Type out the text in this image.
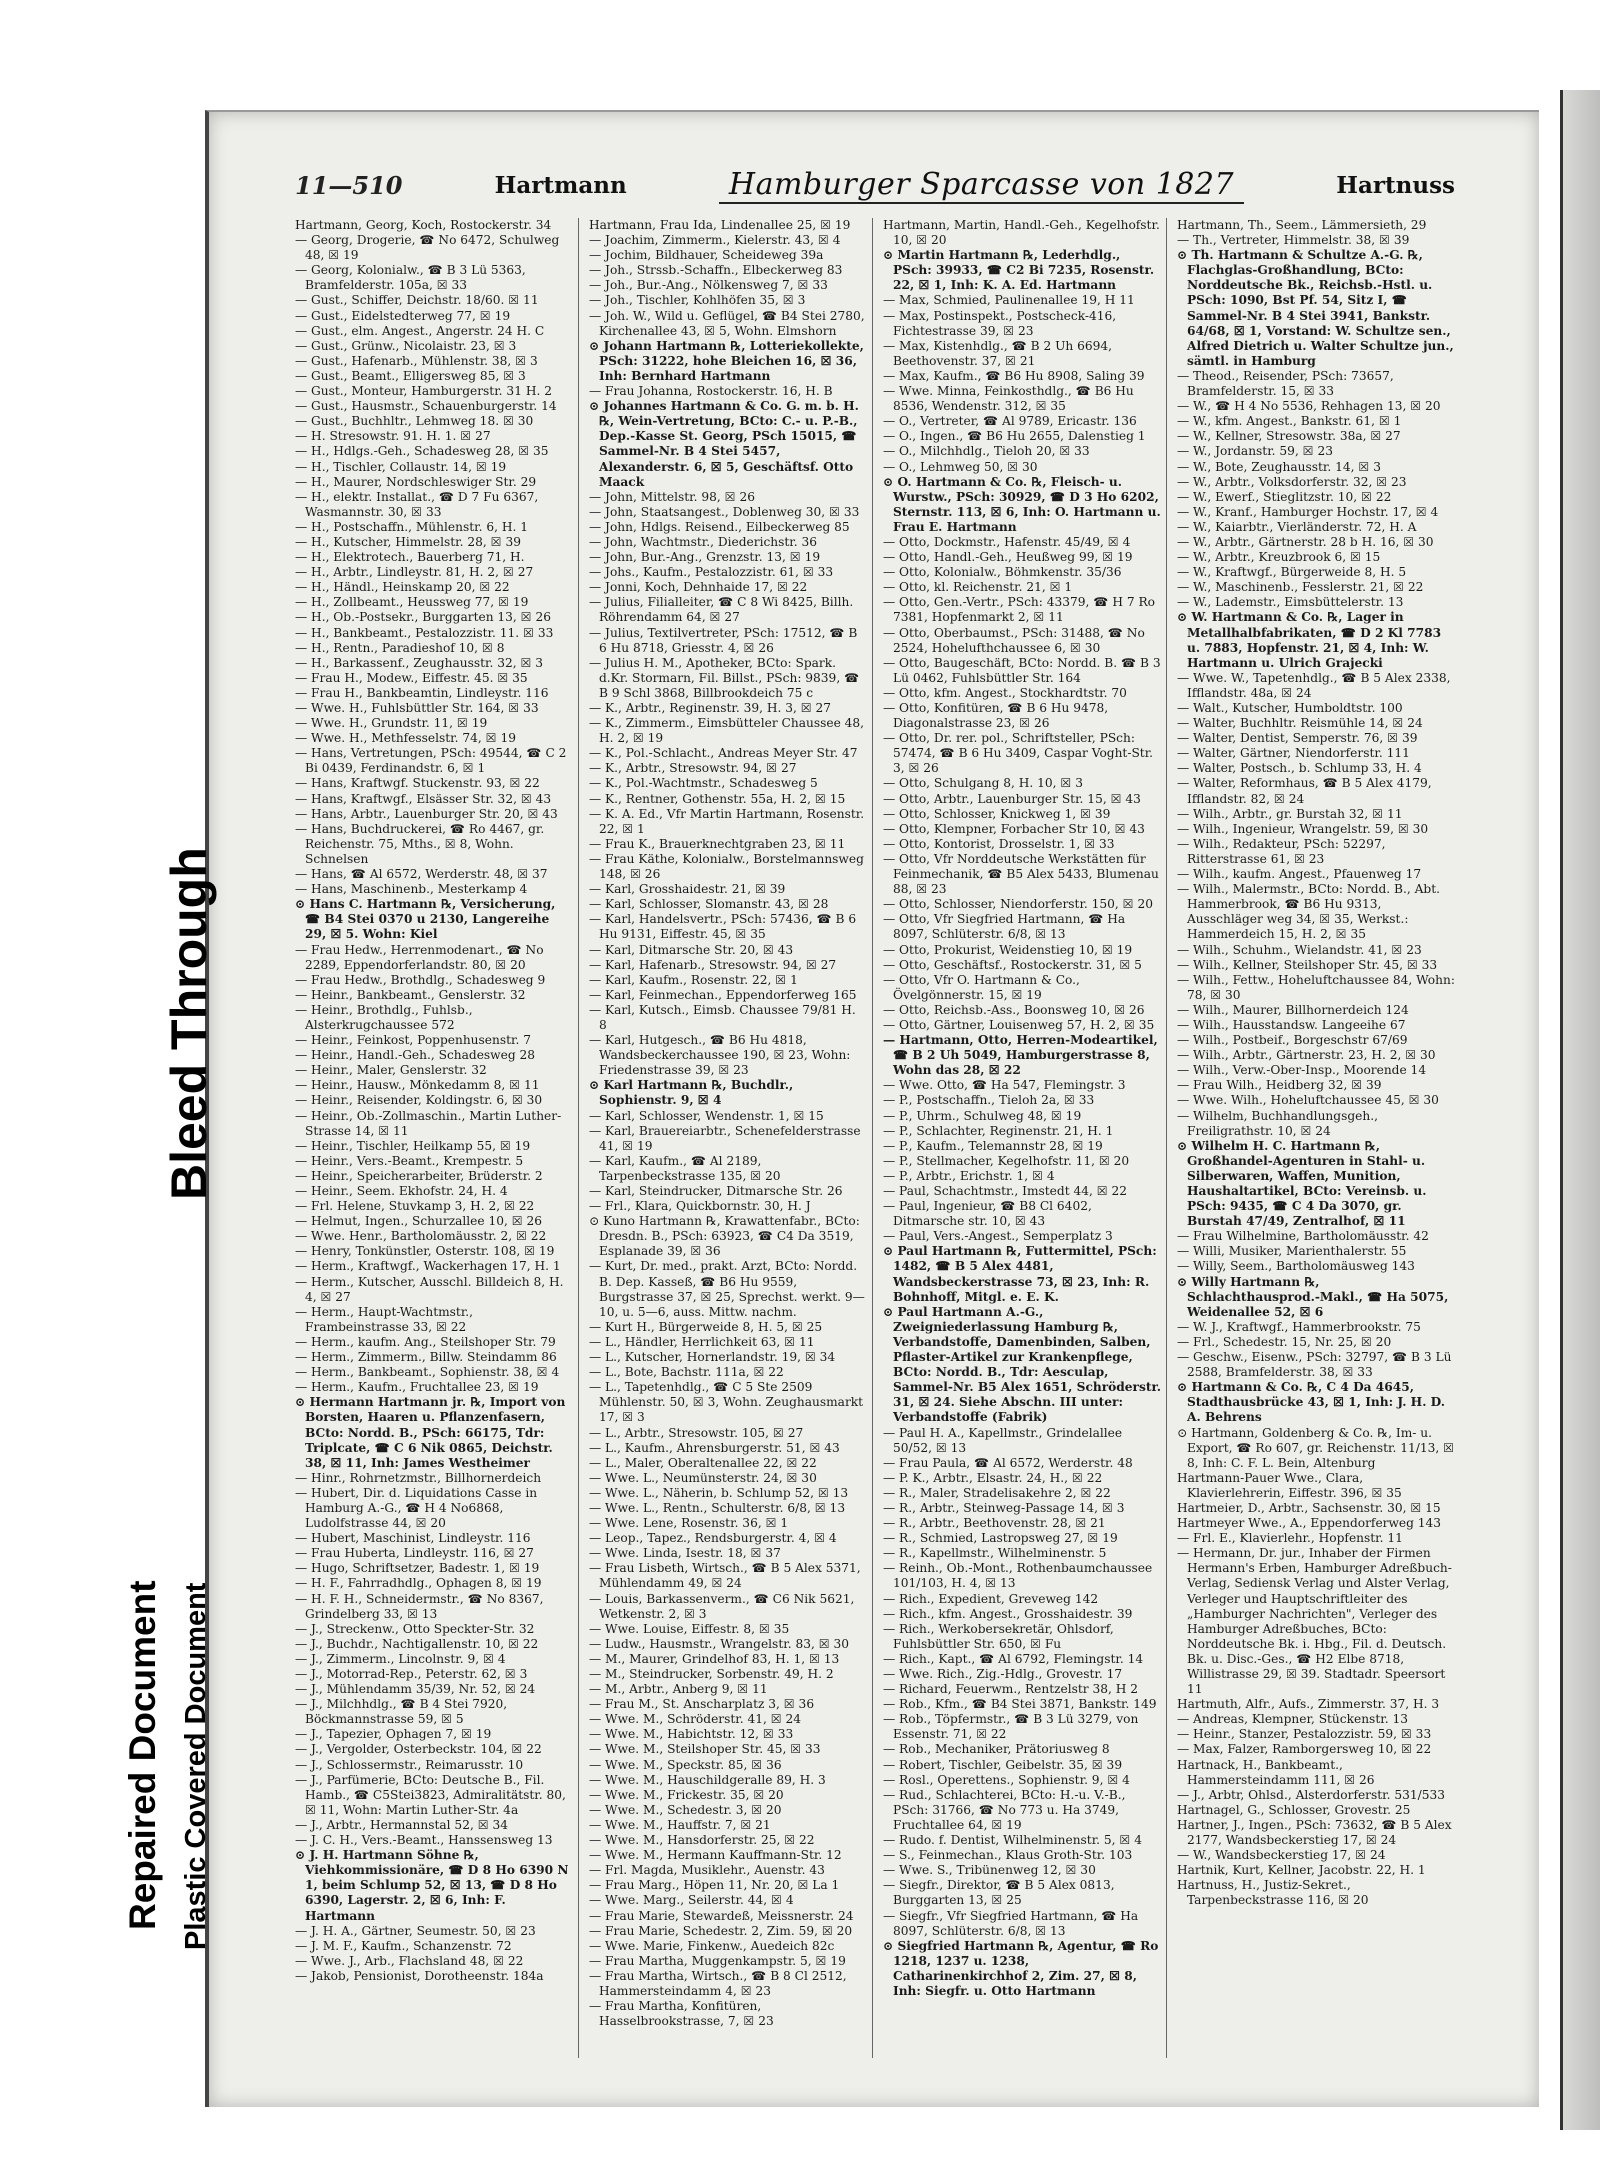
11—510	Hartmann	Hamburger Sparcasse von 1827	Hartnuss

Hartmann, Georg, Koch, Rostockerstr. 34

— Georg, Drogerie, ☎ No 6472, Schulweg 48, ☒ 19

— Georg, Kolonialw., ☎ B 3 Lü 5363, Bramfelderstr. 105a, ☒ 33

— Gust., Schiffer, Deichstr. 18/60. ☒ 11

— Gust., Eidelstedterweg 77, ☒ 19

— Gust., elm. Angest., Angerstr. 24 H. C

— Gust., Grünw., Nicolaistr. 23, ☒ 3

— Gust., Hafenarb., Mühlenstr. 38, ☒ 3

— Gust., Beamt., Elligersweg 85, ☒ 3

— Gust., Monteur, Hamburgerstr. 31 H. 2

— Gust., Hausmstr., Schauenburgerstr. 14

— Gust., Buchhltr., Lehmweg 18. ☒ 30

— H. Stresowstr. 91. H. 1. ☒ 27

— H., Hdlgs.-Geh., Schadesweg 28, ☒ 35

— H., Tischler, Collaustr. 14, ☒ 19

— H., Maurer, Nordschleswiger Str. 29

— H., elektr. Installat., ☎ D 7 Fu 6367, Wasmannstr. 30, ☒ 33

— H., Postschaffn., Mühlenstr. 6, H. 1

— H., Kutscher, Himmelstr. 28, ☒ 39

— H., Elektrotech., Bauerberg 71, H.

— H., Arbtr., Lindleystr. 81, H. 2, ☒ 27

— H., Händl., Heinskamp 20, ☒ 22

— H., Zollbeamt., Heussweg 77, ☒ 19

— H., Ob.-Postsekr., Burggarten 13, ☒ 26

— H., Bankbeamt., Pestalozzistr. 11. ☒ 33

— H., Rentn., Paradieshof 10, ☒ 8

— H., Barkassenf., Zeughausstr. 32, ☒ 3

— Frau H., Modew., Eiffestr. 45. ☒ 35

— Frau H., Bankbeamtin, Lindleystr. 116

— Wwe. H., Fuhlsbüttler Str. 164, ☒ 33

— Wwe. H., Grundstr. 11, ☒ 19

— Wwe. H., Methfesselstr. 74, ☒ 19

— Hans, Vertretungen, PSch: 49544, ☎ C 2 Bi 0439, Ferdinandstr. 6, ☒ 1

— Hans, Kraftwgf. Stuckenstr. 93, ☒ 22

— Hans, Kraftwgf., Elsässer Str. 32, ☒ 43

— Hans, Arbtr., Lauenburger Str. 20, ☒ 43

— Hans, Buchdruckerei, ☎ Ro 4467, gr. Reichenstr. 75, Mths., ☒ 8, Wohn. Schnelsen

— Hans, ☎ Al 6572, Werderstr. 48, ☒ 37

— Hans, Maschinenb., Mesterkamp 4

⊙ Hans C. Hartmann ℞, Versicherung, ☎ B4 Stei 0370 u 2130, Langereihe 29, ☒ 5. Wohn: Kiel

— Frau Hedw., Herrenmodenart., ☎ No 2289, Eppendorferlandstr. 80, ☒ 20

— Frau Hedw., Brothdlg., Schadesweg 9

— Heinr., Bankbeamt., Genslerstr. 32

— Heinr., Brothdlg., Fuhlsb., Alsterkrugchaussee 572

— Heinr., Feinkost, Poppenhusenstr. 7

— Heinr., Handl.-Geh., Schadesweg 28

— Heinr., Maler, Genslerstr. 32

— Heinr., Hausw., Mönkedamm 8, ☒ 11

— Heinr., Reisender, Koldingstr. 6, ☒ 30

— Heinr., Ob.-Zollmaschin., Martin Luther-Strasse 14, ☒ 11

— Heinr., Tischler, Heilkamp 55, ☒ 19

— Heinr., Vers.-Beamt., Krempestr. 5

— Heinr., Speicherarbeiter, Brüderstr. 2

— Heinr., Seem. Ekhofstr. 24, H. 4

— Frl. Helene, Stuvkamp 3, H. 2, ☒ 22

— Helmut, Ingen., Schurzallee 10, ☒ 26

— Wwe. Henr., Bartholomäusstr. 2, ☒ 22

— Henry, Tonkünstler, Osterstr. 108, ☒ 19

— Herm., Kraftwgf., Wackerhagen 17, H. 1

— Herm., Kutscher, Ausschl. Billdeich 8, H. 4, ☒ 27

— Herm., Haupt-Wachtmstr., Frambeinstrasse 33, ☒ 22

— Herm., kaufm. Ang., Steilshoper Str. 79

— Herm., Zimmerm., Billw. Steindamm 86

— Herm., Bankbeamt., Sophienstr. 38, ☒ 4

— Herm., Kaufm., Fruchtallee 23, ☒ 19

⊙ Hermann Hartmann jr. ℞, Import von Borsten, Haaren u. Pflanzenfasern, BCto: Nordd. B., PSch: 66175, Tdr: Triplcate, ☎ C 6 Nik 0865, Deichstr. 38, ☒ 11, Inh: James Westheimer

— Hinr., Rohrnetzmstr., Billhornerdeich

— Hubert, Dir. d. Liquidations Casse in Hamburg A.-G., ☎ H 4 No6868, Ludolfstrasse 44, ☒ 20

— Hubert, Maschinist, Lindleystr. 116

— Frau Huberta, Lindleystr. 116, ☒ 27

— Hugo, Schriftsetzer, Badestr. 1, ☒ 19

— H. F., Fahrradhdlg., Ophagen 8, ☒ 19

— H. F. H., Schneidermstr., ☎ No 8367, Grindelberg 33, ☒ 13

— J., Streckenw., Otto Speckter-Str. 32

— J., Buchdr., Nachtigallenstr. 10, ☒ 22

— J., Zimmerm., Lincolnstr. 9, ☒ 4

— J., Motorrad-Rep., Peterstr. 62, ☒ 3

— J., Mühlendamm 35/39, Nr. 52, ☒ 24

— J., Milchhdlg., ☎ B 4 Stei 7920, Böckmannstrasse 59, ☒ 5

— J., Tapezier, Ophagen 7, ☒ 19

— J., Vergolder, Osterbeckstr. 104, ☒ 22

— J., Schlossermstr., Reimarusstr. 10

— J., Parfümerie, BCto: Deutsche B., Fil. Hamb., ☎ C5Stei3823, Admiralitätstr. 80, ☒ 11, Wohn: Martin Luther-Str. 4a

— J., Arbtr., Hermannstal 52, ☒ 34

— J. C. H., Vers.-Beamt., Hanssensweg 13

⊙ J. H. Hartmann Söhne ℞, Viehkommissionäre, ☎ D 8 Ho 6390 N 1, beim Schlump 52, ☒ 13, ☎ D 8 Ho 6390, Lagerstr. 2, ☒ 6, Inh: F. Hartmann

— J. H. A., Gärtner, Seumestr. 50, ☒ 23

— J. M. F., Kaufm., Schanzenstr. 72

— Wwe. J., Arb., Flachsland 48, ☒ 22

— Jakob, Pensionist, Dorotheenstr. 184a

Hartmann, Frau Ida, Lindenallee 25, ☒ 19

— Joachim, Zimmerm., Kielerstr. 43, ☒ 4

— Jochim, Bildhauer, Scheideweg 39a

— Joh., Strssb.-Schaffn., Elbeckerweg 83

— Joh., Bur.-Ang., Nölkensweg 7, ☒ 33

— Joh., Tischler, Kohlhöfen 35, ☒ 3

— Joh. W., Wild u. Geflügel, ☎ B4 Stei 2780, Kirchenallee 43, ☒ 5, Wohn. Elmshorn

⊙ Johann Hartmann ℞, Lotteriekollekte, PSch: 31222, hohe Bleichen 16, ☒ 36, Inh: Bernhard Hartmann

— Frau Johanna, Rostockerstr. 16, H. B

⊙ Johannes Hartmann & Co. G. m. b. H. ℞, Wein-Vertretung, BCto: C.- u. P.-B., Dep.-Kasse St. Georg, PSch 15015, ☎ Sammel-Nr. B 4 Stei 5457, Alexanderstr. 6, ☒ 5, Geschäftsf. Otto Maack

— John, Mittelstr. 98, ☒ 26

— John, Staatsangest., Doblenweg 30, ☒ 33

— John, Hdlgs. Reisend., Eilbeckerweg 85

— John, Wachtmstr., Diederichstr. 36

— John, Bur.-Ang., Grenzstr. 13, ☒ 19

— Johs., Kaufm., Pestalozzistr. 61, ☒ 33

— Jonni, Koch, Dehnhaide 17, ☒ 22

— Julius, Filialleiter, ☎ C 8 Wi 8425, Billh. Röhrendamm 64, ☒ 27

— Julius, Textilvertreter, PSch: 17512, ☎ B 6 Hu 8718, Griesstr. 4, ☒ 26

— Julius H. M., Apotheker, BCto: Spark. d.Kr. Stormarn, Fil. Billst., PSch: 9839, ☎ B 9 Schl 3868, Billbrookdeich 75 c

— K., Arbtr., Reginenstr. 39, H. 3, ☒ 27

— K., Zimmerm., Eimsbütteler Chaussee 48, H. 2, ☒ 19

— K., Pol.-Schlacht., Andreas Meyer Str. 47

— K., Arbtr., Stresowstr. 94, ☒ 27

— K., Pol.-Wachtmstr., Schadesweg 5

— K., Rentner, Gothenstr. 55a, H. 2, ☒ 15

— K. A. Ed., Vfr Martin Hartmann, Rosenstr. 22, ☒ 1

— Frau K., Brauerknechtgraben 23, ☒ 11

— Frau Käthe, Kolonialw., Borstelmannsweg 148, ☒ 26

— Karl, Grosshaidestr. 21, ☒ 39

— Karl, Schlosser, Slomanstr. 43, ☒ 28

— Karl, Handelsvertr., PSch: 57436, ☎ B 6 Hu 9131, Eiffestr. 45, ☒ 35

— Karl, Ditmarsche Str. 20, ☒ 43

— Karl, Hafenarb., Stresowstr. 94, ☒ 27

— Karl, Kaufm., Rosenstr. 22, ☒ 1

— Karl, Feinmechan., Eppendorferweg 165

— Karl, Kutsch., Eimsb. Chaussee 79/81 H. 8

— Karl, Hutgesch., ☎ B6 Hu 4818, Wandsbeckerchaussee 190, ☒ 23, Wohn: Friedenstrasse 39, ☒ 23

⊙ Karl Hartmann ℞, Buchdlr., Sophienstr. 9, ☒ 4

— Karl, Schlosser, Wendenstr. 1, ☒ 15

— Karl, Brauereiarbtr., Schenefelderstrasse 41, ☒ 19

— Karl, Kaufm., ☎ Al 2189, Tarpenbeckstrasse 135, ☒ 20

— Karl, Steindrucker, Ditmarsche Str. 26

— Frl., Klara, Quickbornstr. 30, H. J

⊙ Kuno Hartmann ℞, Krawattenfabr., BCto: Dresdn. B., PSch: 63923, ☎ C4 Da 3519, Esplanade 39, ☒ 36

— Kurt, Dr. med., prakt. Arzt, BCto: Nordd. B. Dep. Kasseß, ☎ B6 Hu 9559, Burgstrasse 37, ☒ 25, Sprechst. werkt. 9—10, u. 5—6, auss. Mittw. nachm.

— Kurt H., Bürgerweide 8, H. 5, ☒ 25

— L., Händler, Herrlichkeit 63, ☒ 11

— L., Kutscher, Hornerlandstr. 19, ☒ 34

— L., Bote, Bachstr. 111a, ☒ 22

— L., Tapetenhdlg., ☎ C 5 Ste 2509 Mühlenstr. 50, ☒ 3, Wohn. Zeughausmarkt 17, ☒ 3

— L., Arbtr., Stresowstr. 105, ☒ 27

— L., Kaufm., Ahrensburgerstr. 51, ☒ 43

— L., Maler, Oberaltenallee 22, ☒ 22

— Wwe. L., Neumünsterstr. 24, ☒ 30

— Wwe. L., Näherin, b. Schlump 52, ☒ 13

— Wwe. L., Rentn., Schulterstr. 6/8, ☒ 13

— Wwe. Lene, Rosenstr. 36, ☒ 1

— Leop., Tapez., Rendsburgerstr. 4, ☒ 4

— Wwe. Linda, Isestr. 18, ☒ 37

— Frau Lisbeth, Wirtsch., ☎ B 5 Alex 5371, Mühlendamm 49, ☒ 24

— Louis, Barkassenverm., ☎ C6 Nik 5621, Wetkenstr. 2, ☒ 3

— Wwe. Louise, Eiffestr. 8, ☒ 35

— Ludw., Hausmstr., Wrangelstr. 83, ☒ 30

— M., Maurer, Grindelhof 83, H. 1, ☒ 13

— M., Steindrucker, Sorbenstr. 49, H. 2

— M., Arbtr., Anberg 9, ☒ 11

— Frau M., St. Anscharplatz 3, ☒ 36

— Wwe. M., Schröderstr. 41, ☒ 24

— Wwe. M., Habichtstr. 12, ☒ 33

— Wwe. M., Steilshoper Str. 45, ☒ 33

— Wwe. M., Speckstr. 85, ☒ 36

— Wwe. M., Hauschildgeralle 89, H. 3

— Wwe. M., Frickestr. 35, ☒ 20

— Wwe. M., Schedestr. 3, ☒ 20

— Wwe. M., Hauffstr. 7, ☒ 21

— Wwe. M., Hansdorferstr. 25, ☒ 22

— Wwe. M., Hermann Kauffmann-Str. 12

— Frl. Magda, Musiklehr., Auenstr. 43

— Frau Marg., Höpen 11, Nr. 20, ☒ La 1

— Wwe. Marg., Seilerstr. 44, ☒ 4

— Frau Marie, Stewardeß, Meissnerstr. 24

— Frau Marie, Schedestr. 2, Zim. 59, ☒ 20

— Wwe. Marie, Finkenw., Auedeich 82c

— Frau Martha, Muggenkampstr. 5, ☒ 19

— Frau Martha, Wirtsch., ☎ B 8 Cl 2512, Hammersteindamm 4, ☒ 23

— Frau Martha, Konfitüren, Hasselbrookstrasse, 7, ☒ 23

Hartmann, Martin, Handl.-Geh., Kegelhofstr. 10, ☒ 20

⊙ Martin Hartmann ℞, Lederhdlg., PSch: 39933, ☎ C2 Bi 7235, Rosenstr. 22, ☒ 1, Inh: K. A. Ed. Hartmann

— Max, Schmied, Paulinenallee 19, H 11

— Max, Postinspekt., Postscheck-416, Fichtestrasse 39, ☒ 23

— Max, Kistenhdlg., ☎ B 2 Uh 6694, Beethovenstr. 37, ☒ 21

— Max, Kaufm., ☎ B6 Hu 8908, Saling 39

— Wwe. Minna, Feinkosthdlg., ☎ B6 Hu 8536, Wendenstr. 312, ☒ 35

— O., Vertreter, ☎ Al 9789, Ericastr. 136

— O., Ingen., ☎ B6 Hu 2655, Dalenstieg 1

— O., Milchhdlg., Tieloh 20, ☒ 33

— O., Lehmweg 50, ☒ 30

⊙ O. Hartmann & Co. ℞, Fleisch- u. Wurstw., PSch: 30929, ☎ D 3 Ho 6202, Sternstr. 113, ☒ 6, Inh: O. Hartmann u. Frau E. Hartmann

— Otto, Dockmstr., Hafenstr. 45/49, ☒ 4

— Otto, Handl.-Geh., Heußweg 99, ☒ 19

— Otto, Kolonialw., Böhmkenstr. 35/36

— Otto, kl. Reichenstr. 21, ☒ 1

— Otto, Gen.-Vertr., PSch: 43379, ☎ H 7 Ro 7381, Hopfenmarkt 2, ☒ 11

— Otto, Oberbaumst., PSch: 31488, ☎ No 2524, Hohelufthchaussee 6, ☒ 30

— Otto, Baugeschäft, BCto: Nordd. B. ☎ B 3 Lü 0462, Fuhlsbüttler Str. 164

— Otto, kfm. Angest., Stockhardtstr. 70

— Otto, Konfitüren, ☎ B 6 Hu 9478, Diagonalstrasse 23, ☒ 26

— Otto, Dr. rer. pol., Schriftsteller, PSch: 57474, ☎ B 6 Hu 3409, Caspar Voght-Str. 3, ☒ 26

— Otto, Schulgang 8, H. 10, ☒ 3

— Otto, Arbtr., Lauenburger Str. 15, ☒ 43

— Otto, Schlosser, Knickweg 1, ☒ 39

— Otto, Klempner, Forbacher Str 10, ☒ 43

— Otto, Kontorist, Drosselstr. 1, ☒ 33

— Otto, Vfr Norddeutsche Werkstätten für Feinmechanik, ☎ B5 Alex 5433, Blumenau 88, ☒ 23

— Otto, Schlosser, Niendorferstr. 150, ☒ 20

— Otto, Vfr Siegfried Hartmann, ☎ Ha 8097, Schlüterstr. 6/8, ☒ 13

— Otto, Prokurist, Weidenstieg 10, ☒ 19

— Otto, Geschäftsf., Rostockerstr. 31, ☒ 5

— Otto, Vfr O. Hartmann & Co., Övelgönnerstr. 15, ☒ 19

— Otto, Reichsb.-Ass., Boonsweg 10, ☒ 26

— Otto, Gärtner, Louisenweg 57, H. 2, ☒ 35

— Hartmann, Otto, Herren-Modeartikel, ☎ B 2 Uh 5049, Hamburgerstrasse 8, Wohn das 28, ☒ 22

— Wwe. Otto, ☎ Ha 547, Flemingstr. 3

— P., Postschaffn., Tieloh 2a, ☒ 33

— P., Uhrm., Schulweg 48, ☒ 19

— P., Schlachter, Reginenstr. 21, H. 1

— P., Kaufm., Telemannstr 28, ☒ 19

— P., Stellmacher, Kegelhofstr. 11, ☒ 20

— P., Arbtr., Erichstr. 1, ☒ 4

— Paul, Schachtmstr., Imstedt 44, ☒ 22

— Paul, Ingenieur, ☎ B8 Cl 6402, Ditmarsche str. 10, ☒ 43

— Paul, Vers.-Angest., Semperplatz 3

⊙ Paul Hartmann ℞, Futtermittel, PSch: 1482, ☎ B 5 Alex 4481, Wandsbeckerstrasse 73, ☒ 23, Inh: R. Bohnhoff, Mitgl. e. E. K.

⊙ Paul Hartmann A.-G., Zweigniederlassung Hamburg ℞, Verbandstoffe, Damenbinden, Salben, Pflaster-Artikel zur Krankenpflege, BCto: Nordd. B., Tdr: Aesculap, Sammel-Nr. B5 Alex 1651, Schröderstr. 31, ☒ 24. Siehe Abschn. III unter: Verbandstoffe (Fabrik)

— Paul H. A., Kapellmstr., Grindelallee 50/52, ☒ 13

— Frau Paula, ☎ Al 6572, Werderstr. 48

— P. K., Arbtr., Elsastr. 24, H., ☒ 22

— R., Maler, Stradelisakehre 2, ☒ 22

— R., Arbtr., Steinweg-Passage 14, ☒ 3

— R., Arbtr., Beethovenstr. 28, ☒ 21

— R., Schmied, Lastropsweg 27, ☒ 19

— R., Kapellmstr., Wilhelminenstr. 5

— Reinh., Ob.-Mont., Rothenbaumchaussee 101/103, H. 4, ☒ 13

— Rich., Expedient, Greveweg 142

— Rich., kfm. Angest., Grosshaidestr. 39

— Rich., Werkobersekretär, Ohlsdorf, Fuhlsbüttler Str. 650, ☒ Fu

— Rich., Kapt., ☎ Al 6792, Flemingstr. 14

— Wwe. Rich., Zig.-Hdlg., Grovestr. 17

— Richard, Feuerwm., Rentzelstr 38, H 2

— Rob., Kfm., ☎ B4 Stei 3871, Bankstr. 149

— Rob., Töpfermstr., ☎ B 3 Lü 3279, von Essenstr. 71, ☒ 22

— Rob., Mechaniker, Prätoriusweg 8

— Robert, Tischler, Geibelstr. 35, ☒ 39

— Rosl., Operettens., Sophienstr. 9, ☒ 4

— Rud., Schlachterei, BCto: H.-u. V.-B., PSch: 31766, ☎ No 773 u. Ha 3749, Fruchtallee 64, ☒ 19

— Rudo. f. Dentist, Wilhelminenstr. 5, ☒ 4

— S., Feinmechan., Klaus Groth-Str. 103

— Wwe. S., Tribünenweg 12, ☒ 30

— Siegfr., Direktor, ☎ B 5 Alex 0813, Burggarten 13, ☒ 25

— Siegfr., Vfr Siegfried Hartmann, ☎ Ha 8097, Schlüterstr. 6/8, ☒ 13

⊙ Siegfried Hartmann ℞, Agentur, ☎ Ro 1218, 1237 u. 1238, Catharinenkirchhof 2, Zim. 27, ☒ 8, Inh: Siegfr. u. Otto Hartmann

Hartmann, Th., Seem., Lämmersieth, 29

— Th., Vertreter, Himmelstr. 38, ☒ 39

⊙ Th. Hartmann & Schultze A.-G. ℞, Flachglas-Großhandlung, BCto: Norddeutsche Bk., Reichsb.-Hstl. u. PSch: 1090, Bst Pf. 54, Sitz I, ☎ Sammel-Nr. B 4 Stei 3941, Bankstr. 64/68, ☒ 1, Vorstand: W. Schultze sen., Alfred Dietrich u. Walter Schultze jun., sämtl. in Hamburg

— Theod., Reisender, PSch: 73657, Bramfelderstr. 15, ☒ 33

— W., ☎ H 4 No 5536, Rehhagen 13, ☒ 20

— W., kfm. Angest., Bankstr. 61, ☒ 1

— W., Kellner, Stresowstr. 38a, ☒ 27

— W., Jordanstr. 59, ☒ 23

— W., Bote, Zeughausstr. 14, ☒ 3

— W., Arbtr., Volksdorferstr. 32, ☒ 23

— W., Ewerf., Stieglitzstr. 10, ☒ 22

— W., Kranf., Hamburger Hochstr. 17, ☒ 4

— W., Kaiarbtr., Vierländerstr. 72, H. A

— W., Arbtr., Gärtnerstr. 28 b H. 16, ☒ 30

— W., Arbtr., Kreuzbrook 6, ☒ 15

— W., Kraftwgf., Bürgerweide 8, H. 5

— W., Maschinenb., Fesslerstr. 21, ☒ 22

— W., Lademstr., Eimsbüttelerstr. 13

⊙ W. Hartmann & Co. ℞, Lager in Metallhalbfabrikaten, ☎ D 2 Kl 7783 u. 7883, Hopfenstr. 21, ☒ 4, Inh: W. Hartmann u. Ulrich Grajecki

— Wwe. W., Tapetenhdlg., ☎ B 5 Alex 2338, Ifflandstr. 48a, ☒ 24

— Walt., Kutscher, Humboldtstr. 100

— Walter, Buchhltr. Reismühle 14, ☒ 24

— Walter, Dentist, Semperstr. 76, ☒ 39

— Walter, Gärtner, Niendorferstr. 111

— Walter, Postsch., b. Schlump 33, H. 4

— Walter, Reformhaus, ☎ B 5 Alex 4179, Ifflandstr. 82, ☒ 24

— Wilh., Arbtr., gr. Burstah 32, ☒ 11

— Wilh., Ingenieur, Wrangelstr. 59, ☒ 30

— Wilh., Redakteur, PSch: 52297, Ritterstrasse 61, ☒ 23

— Wilh., kaufm. Angest., Pfauenweg 17

— Wilh., Malermstr., BCto: Nordd. B., Abt. Hammerbrook, ☎ B6 Hu 9313, Ausschläger weg 34, ☒ 35, Werkst.: Hammerdeich 15, H. 2, ☒ 35

— Wilh., Schuhm., Wielandstr. 41, ☒ 23

— Wilh., Kellner, Steilshoper Str. 45, ☒ 33

— Wilh., Fettw., Hoheluftchaussee 84, Wohn: 78, ☒ 30

— Wilh., Maurer, Billhornerdeich 124

— Wilh., Hausstandsw. Langeeihe 67

— Wilh., Postbeif., Borgeschstr 67/69

— Wilh., Arbtr., Gärtnerstr. 23, H. 2, ☒ 30

— Wilh., Verw.-Ober-Insp., Moorende 14

— Frau Wilh., Heidberg 32, ☒ 39

— Wwe. Wilh., Hoheluftchaussee 45, ☒ 30

— Wilhelm, Buchhandlungsgeh., Freiligrathstr. 10, ☒ 24

⊙ Wilhelm H. C. Hartmann ℞, Großhandel-Agenturen in Stahl- u. Silberwaren, Waffen, Munition, Haushaltartikel, BCto: Vereinsb. u. PSch: 9435, ☎ C 4 Da 3070, gr. Burstah 47/49, Zentralhof, ☒ 11

— Frau Wilhelmine, Bartholomäusstr. 42

— Willi, Musiker, Marienthalerstr. 55

— Willy, Seem., Bartholomäusweg 143

⊙ Willy Hartmann ℞, Schlachthausprod.-Makl., ☎ Ha 5075, Weidenallee 52, ☒ 6

— W. J., Kraftwgf., Hammerbrookstr. 75

— Frl., Schedestr. 15, Nr. 25, ☒ 20

— Geschw., Eisenw., PSch: 32797, ☎ B 3 Lü 2588, Bramfelderstr. 38, ☒ 33

⊙ Hartmann & Co. ℞, C 4 Da 4645, Stadthausbrücke 43, ☒ 1, Inh: J. H. D. A. Behrens

⊙ Hartmann, Goldenberg & Co. ℞, Im- u. Export, ☎ Ro 607, gr. Reichenstr. 11/13, ☒ 8, Inh: C. F. L. Bein, Altenburg

Hartmann-Pauer Wwe., Clara, Klavierlehrerin, Eiffestr. 396, ☒ 35

Hartmeier, D., Arbtr., Sachsenstr. 30, ☒ 15

Hartmeyer Wwe., A., Eppendorferweg 143

— Frl. E., Klavierlehr., Hopfenstr. 11

— Hermann, Dr. jur., Inhaber der Firmen Hermann's Erben, Hamburger Adreßbuch-Verlag, Sediensk Verlag und Alster Verlag, Verleger und Hauptschriftleiter des „Hamburger Nachrichten", Verleger des Hamburger Adreßbuches, BCto: Norddeutsche Bk. i. Hbg., Fil. d. Deutsch. Bk. u. Disc.-Ges., ☎ H2 Elbe 8718, Willistrasse 29, ☒ 39. Stadtadr. Speersort 11

Hartmuth, Alfr., Aufs., Zimmerstr. 37, H. 3

— Andreas, Klempner, Stückenstr. 13

— Heinr., Stanzer, Pestalozzistr. 59, ☒ 33

— Max, Falzer, Ramborgersweg 10, ☒ 22

Hartnack, H., Bankbeamt., Hammersteindamm 111, ☒ 26

— J., Arbtr, Ohlsd., Alsterdorferstr. 531/533

Hartnagel, G., Schlosser, Grovestr. 25

Hartner, J., Ingen., PSch: 73632, ☎ B 5 Alex 2177, Wandsbeckerstieg 17, ☒ 24

— W., Wandsbeckerstieg 17, ☒ 24

Hartnik, Kurt, Kellner, Jacobstr. 22, H. 1

Hartnuss, H., Justiz-Sekret., Tarpenbeckstrasse 116, ☒ 20

Bleed Through
Repaired Document Plastic Covered Document
